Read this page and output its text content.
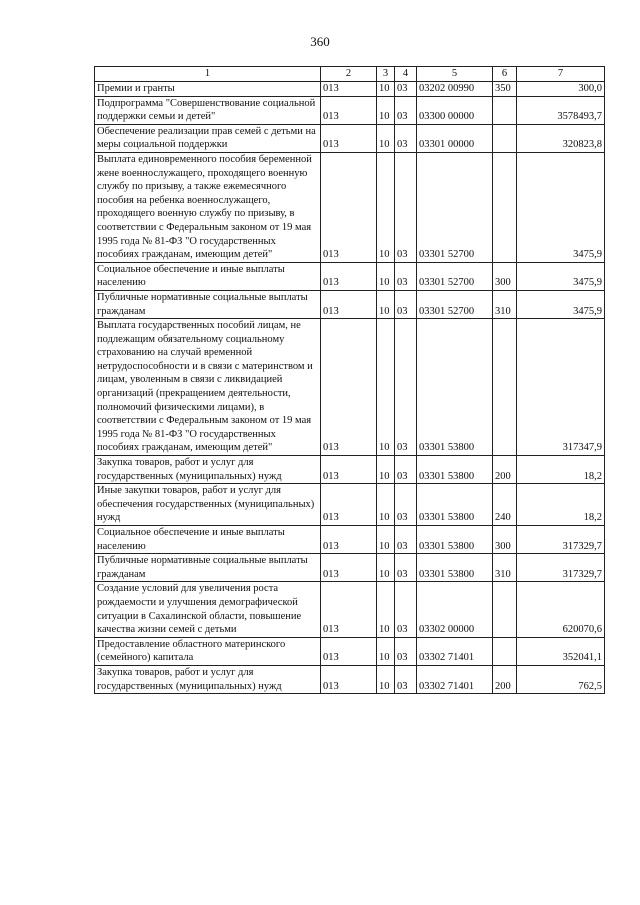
360
1	2	3	4	5	6	7
Премии и гранты	013	10	03	03202 00990	350	300,0
Подпрограмма "Совершенствование социальной поддержки семьи и детей"	013	10	03	03300 00000		3578493,7
Обеспечение реализации прав семей с детьми на меры социальной поддержки	013	10	03	03301 00000		320823,8
Выплата единовременного пособия беременной жене военнослужащего, проходящего военную службу по призыву, а также ежемесячного пособия на ребенка военнослужащего, проходящего военную службу по призыву, в соответствии с Федеральным законом от 19 мая 1995 года № 81-ФЗ "О государственных пособиях гражданам, имеющим детей"	013	10	03	03301 52700		3475,9
Социальное обеспечение и иные выплаты населению	013	10	03	03301 52700	300	3475,9
Публичные нормативные социальные выплаты гражданам	013	10	03	03301 52700	310	3475,9
Выплата государственных пособий лицам, не подлежащим обязательному социальному страхованию на случай временной нетрудоспособности и в связи с материнством и лицам, уволенным в связи с ликвидацией организаций (прекращением деятельности, полномочий физическими лицами), в соответствии с Федеральным законом от 19 мая 1995 года № 81-ФЗ "О государственных пособиях гражданам, имеющим детей"	013	10	03	03301 53800		317347,9
Закупка товаров, работ и услуг для государственных (муниципальных) нужд	013	10	03	03301 53800	200	18,2
Иные закупки товаров, работ и услуг для обеспечения государственных (муниципальных) нужд	013	10	03	03301 53800	240	18,2
Социальное обеспечение и иные выплаты населению	013	10	03	03301 53800	300	317329,7
Публичные нормативные социальные выплаты гражданам	013	10	03	03301 53800	310	317329,7
Создание условий для увеличения роста рождаемости и улучшения демографической ситуации в Сахалинской области, повышение качества жизни семей с детьми	013	10	03	03302 00000		620070,6
Предоставление областного материнского (семейного) капитала	013	10	03	03302 71401		352041,1
Закупка товаров, работ и услуг для государственных (муниципальных) нужд	013	10	03	03302 71401	200	762,5
